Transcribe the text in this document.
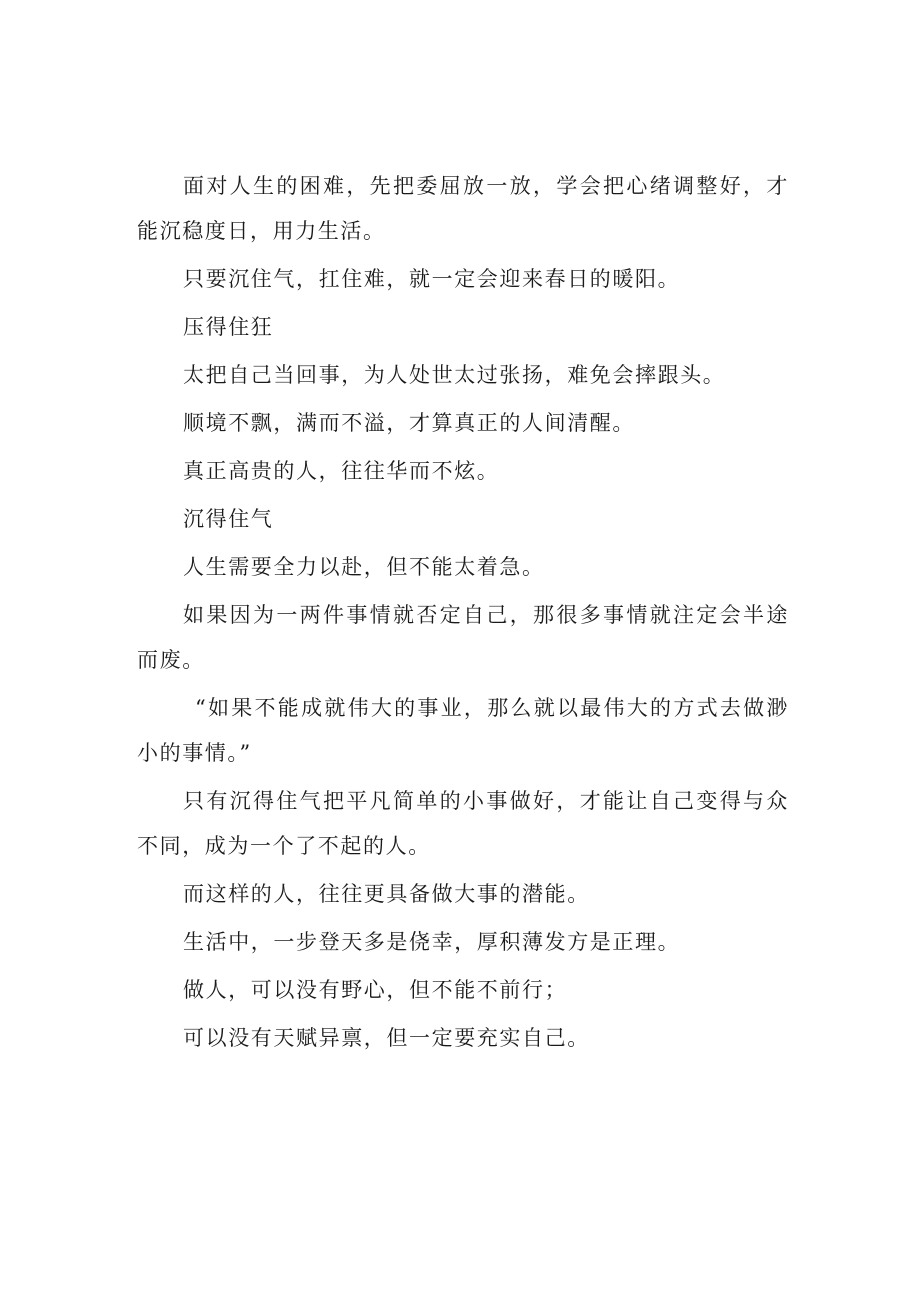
面对人生的困难，先把委屈放一放，学会把心绪调整好，才能沉稳度日，用力生活。

只要沉住气，扛住难，就一定会迎来春日的暖阳。

压得住狂

太把自己当回事，为人处世太过张扬，难免会摔跟头。

顺境不飘，满而不溢，才算真正的人间清醒。

真正高贵的人，往往华而不炫。

沉得住气

人生需要全力以赴，但不能太着急。

如果因为一两件事情就否定自己，那很多事情就注定会半途而废。

“如果不能成就伟大的事业，那么就以最伟大的方式去做渺小的事情。”

只有沉得住气把平凡简单的小事做好，才能让自己变得与众不同，成为一个了不起的人。

而这样的人，往往更具备做大事的潜能。

生活中，一步登天多是侥幸，厚积薄发方是正理。

做人，可以没有野心，但不能不前行；

可以没有天赋异禀，但一定要充实自己。
